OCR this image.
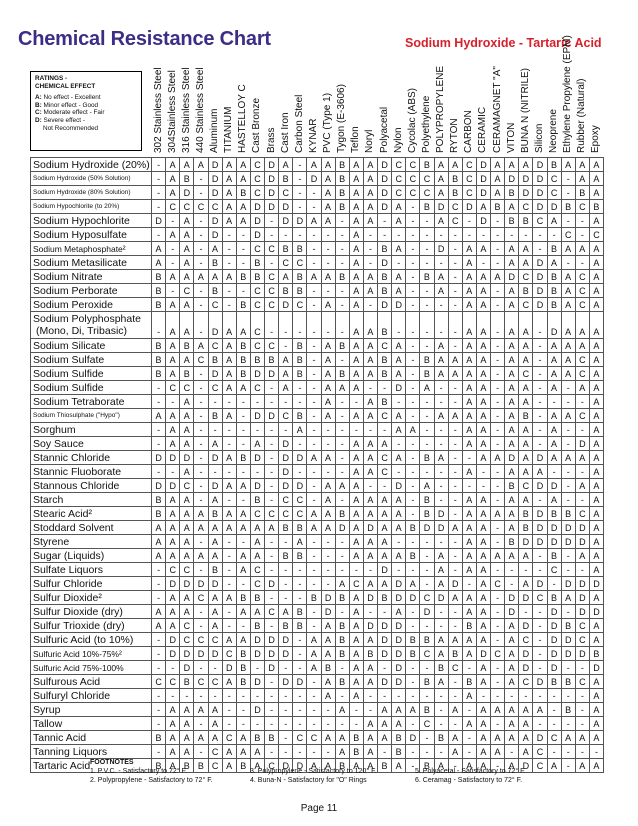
Chemical Resistance Chart	Sodium Hydroxide - Tartaric Acid
RATINGS -
CHEMICAL EFFECT
A: No effect - Excellent
B: Minor effect - Good
C: Moderate effect - Fair
D: Severe effect -
Not Recommended	302 Stainless Steel 304Stainless Steel 316 Stainless Steel 440 Stainless Steel Aluminum TITANIUM HASTELLOY C Cast Bronze Brass Cast Iron Carbon Steel KYNAR PVC (Type 1) Tygon (E-3606) Teflon Noryl Polyacetal Nylon Cycolac (ABS) Polyethylene POLYPROPYLENE RYTON CARBON CERAMIC CERAMAGNET "A" VITON BUNA N (NITRILE) Silicon Neoprene Ethylene Propylene (EPM) Rubber (Natural) Epoxy
Sodium Hydroxide (20%)	-	A	A	A	D	A	A	C	D	A	-	A	A	B	A	A	D	C	C	B	A	A	C	D	A	A	A	D	B	A	A	A
Sodium Hydroxide (50% Solution)	-	A	B	-	D	A	A	C	D	B	-	D	A	B	A	A	D	C	C	C	A	B	C	D	A	D	D	D	C	-	A	A
Sodium Hydroxide (80% Solution)	-	A	D	-	D	A	B	C	D	C	-	-	A	B	A	A	D	C	C	C	A	B	C	D	A	B	D	D	C	-	B	A
Sodium Hypochlorite (to 20%)	-	C	C	C	C	A	A	D	D	D	-	-	A	B	A	A	D	A	-	B	D	C	D	A	B	A	C	D	D	B	C	B
Sodium Hypochlorite	D	-	A	-	D	A	A	D	-	D	D	A	A	-	A	A	-	A	-	-	A	C	-	D	-	B	B	C	A	-	-	A
Sodium Hyposulfate	-	A	A	-	D	-	-	D	-	-	-	-	-	-	A	-	-	-	-	-	-	-	-	-	-	-	-	-	-	C	-	C
Sodium Metaphosphate²	A	-	A	-	A	-	-	C	C	B	B	-	-	-	A	-	B	A	-	-	D	-	A	A	-	A	A	-	B	A	A	A
Sodium Metasilicate	A	-	A	-	B	-	-	B	-	C	C	-	-	-	A	-	D	-	-	-	-	-	A	-	-	A	A	D	A	-	-	A
Sodium Nitrate	B	A	A	A	A	A	B	B	C	A	B	A	A	B	A	A	B	A	-	B	A	-	A	A	A	D	C	D	B	A	C	A
Sodium Perborate	B	-	C	-	B	-	-	C	C	B	B	-	-	-	A	A	B	A	-	-	A	-	A	A	-	A	B	D	B	A	C	A
Sodium Peroxide	B	A	A	-	C	-	B	C	C	D	C	-	A	-	A	-	D	D	-	-	-	-	A	A	-	A	C	D	B	A	C	A

Sodium Polyphosphate
(Mono, Di, Tribasic)	-	A	A	-	D	A	A	C	-	-	-	-	-	-	A	A	B	-	-	-	-	-	A	A	-	A	A	-	D	A	A	A
Sodium Silicate	B	A	B	A	C	A	B	C	C	-	B	-	A	B	A	A	C	A	-	-	A	-	A	A	-	A	A	-	A	A	A	A
Sodium Sulfate	B	A	A	C	B	A	B	B	B	A	B	-	A	-	A	A	B	A	-	B	A	A	A	A	-	A	A	-	A	A	C	A
Sodium Sulfide	B	A	B	-	D	A	B	D	D	A	B	-	A	B	A	A	B	A	-	B	A	A	A	A	-	A	C	-	A	A	C	A
Sodium Sulfide	-	C	C	-	C	A	A	C	-	A	-	-	A	A	A	-	-	D	-	A	-	-	A	A	-	A	A	-	A	-	A	A
Sodium Tetraborate	-	-	A	-	-	-	-	-	-	-	-	-	A	-	-	A	B	-	-	-	-	-	A	A	-	A	A	-	-	-	-	A
Sodium Thiosulphate ("Hypo")	A	A	A	-	B	A	-	D	D	C	B	-	A	-	A	A	C	A	-	-	A	A	A	A	-	A	B	-	A	A	C	A
Sorghum	-	A	A	-	-	-	-	-	-	-	A	-	-	-	-	-	-	A	A	-	-	-	A	A	-	A	A	-	A	-	-	A
Soy Sauce	-	A	A	-	A	-	-	A	-	D	-	-	-	-	A	A	A	-	-	-	-	-	A	A	-	A	A	-	A	-	D	A
Stannic Chloride	D	D	D	-	D	A	B	D	-	D	D	A	A	-	A	A	C	A	-	B	A	-	-	A	A	D	A	D	A	A	A	A
Stannic Fluoborate	-	-	A	-	-	-	-	-	-	D	-	-	-	-	A	A	C	-	-	-	-	-	A	-	-	A	A	A	-	-	-	A
Stannous Chloride	D	D	C	-	D	A	A	D	-	D	D	-	A	A	A	-	-	D	-	A	-	-	-	-	-	B	C	D	D	-	A	A
Starch	B	A	A	-	A	-	-	B	-	C	C	-	A	-	A	A	A	A	-	B	-	-	A	A	-	A	A	-	A	-	-	A
Stearic Acid²	B	A	A	A	B	A	A	C	C	C	C	A	A	B	A	A	A	A	-	B	D	-	A	A	A	A	B	D	B	B	C	A
Stoddard Solvent	A	A	A	A	A	A	A	A	A	B	B	A	A	D	A	D	A	A	B	D	D	A	A	A	-	A	B	D	D	D	D	A
Styrene	A	A	A	-	A	-	-	A	-	-	A	-	-	-	A	A	A	-	-	-	-	-	A	A	-	B	D	D	D	D	D	A
Sugar (Liquids)	A	A	A	A	A	-	A	A	-	B	B	-	-	-	A	A	A	A	B	-	A	-	A	A	A	A	A	-	B	-	A	A
Sulfate Liquors	-	C	C	-	B	-	A	C	-	-	-	-	-	-	-	-	D	-	-	-	A	-	A	A	-	-	-	-	C	-	-	A
Sulfur Chloride	-	D	D	D	D	-	-	C	D	-	-	-	-	A	C	A	A	D	A	-	A	D	-	A	C	-	A	D	-	D	D	D
Sulfur Dioxide²	-	A	A	C	A	A	B	B	-	-	-	B	D	B	A	D	B	D	D	C	D	A	A	A	-	D	D	C	B	A	D	A
Sulfur Dioxide (dry)	A	A	A	-	A	-	A	A	C	A	B	-	D	-	A	-	-	A	-	D	-	-	A	A	-	D	-	-	D	-	D	D
Sulfur Trioxide (dry)	A	A	C	-	A	-	-	B	-	B	B	-	A	B	A	D	D	D	-	-	-	-	B	A	-	A	D	-	D	B	C	A
Sulfuric Acid (to 10%)	-	D	C	C	C	A	A	D	D	D	-	A	A	B	A	A	D	D	B	B	A	A	A	A	-	A	C	-	D	D	C	A
Sulfuric Acid 10%-75%²	-	D	D	D	D	C	B	D	D	D	-	A	A	B	A	B	D	D	B	C	A	B	A	D	C	A	D	-	D	D	D	B
Sulfuric Acid 75%-100%	-	-	D	-	-	D	B	-	D	-	-	A	B	-	A	A	-	D	-	-	B	C	-	A	-	A	D	-	D	-	-	D
Sulfurous Acid	C	C	B	C	C	A	B	D	-	D	D	-	A	B	A	A	D	D	-	B	A	-	B	A	-	A	C	D	B	B	C	A
Sulfuryl Chloride	-	-	-	-	-	-	-	-	-	-	-	-	A	-	A	-	-	-	-	-	-	-	A	-	-	-	-	-	-	-	-	A
Syrup	-	A	A	A	A	-	-	D	-	-	-	-	-	A	-	-	A	A	A	B	-	A	-	A	A	A	A	A	-	B	-	A
Tallow	-	A	A	-	A	-	-	-	-	-	-	-	-	-	-	A	A	A	-	C	-	-	A	A	-	A	A	-	-	-	-	A
Tannic Acid	B	A	A	A	A	C	A	B	B	-	C	C	A	A	B	A	A	B	D	-	B	A	-	A	A	A	A	D	C	A	A	A
Tanning Liquors	-	A	A	-	C	A	A	A	-	-	-	-	-	A	B	A	-	B	-	-	-	A	-	A	A	-	A	C	-	-	-	-
Tartaric Acid	B	A	B	B	C	A	B	A	C	D	D	A	A	B	A	A	B	A	-	B	A	-	A	A	-	A	D	C	A	-	A	A
FOOTNOTES
1. P.V.C. - Satisfactory to 72° F.
2. Polypropylene - Satisfactory to 72° F.
3. Polypropylene - Satisfactory to 120° F.
4. Buna-N - Satisfactory for "O" Rings
5. Polyacetal - Satisfactory to 72° F.
6. Ceramag - Satisfactory to 72° F.
Page 11
